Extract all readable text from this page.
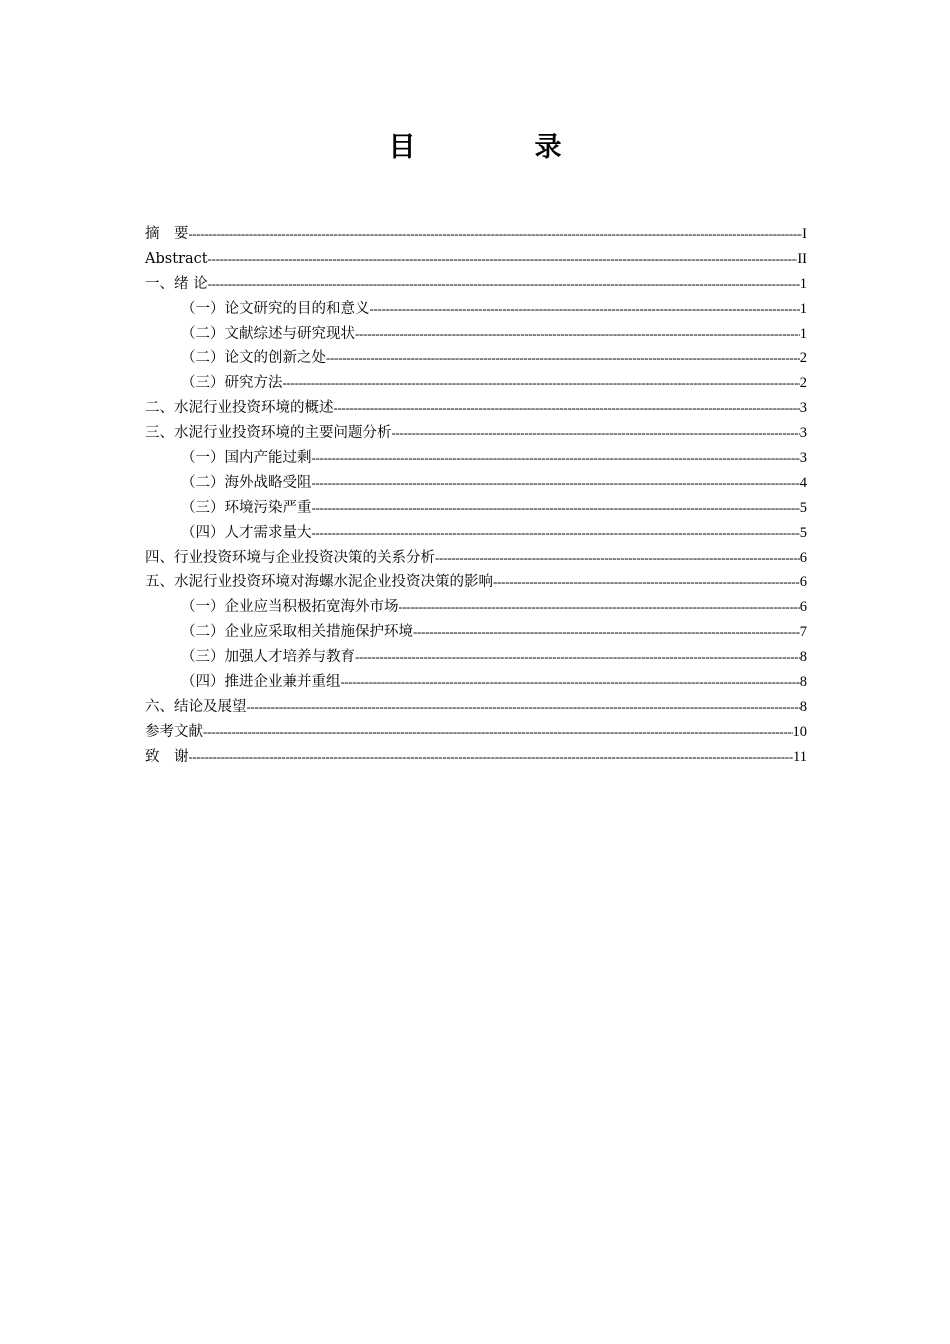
目　录
摘　要 -----	I
Abstract -----	II
一、绪 论 -----	1
（一）论文研究的目的和意义 -----	1
（二）文献综述与研究现状 -----	1
（二）论文的创新之处 -----	2
（三）研究方法 -----	2
二、水泥行业投资环境的概述 -----	3
三、水泥行业投资环境的主要问题分析 -----	3
（一）国内产能过剩 -----	3
（二）海外战略受阻 -----	4
（三）环境污染严重 -----	5
（四）人才需求量大 -----	5
四、行业投资环境与企业投资决策的关系分析 -----	6
五、水泥行业投资环境对海螺水泥企业投资决策的影响 -----	6
（一）企业应当积极拓宽海外市场 -----	6
（二）企业应采取相关措施保护环境 -----	7
（三）加强人才培养与教育 -----	8
（四）推进企业兼并重组 -----	8
六、结论及展望 -----	8
参考文献 -----	10
致　谢 -----	11
